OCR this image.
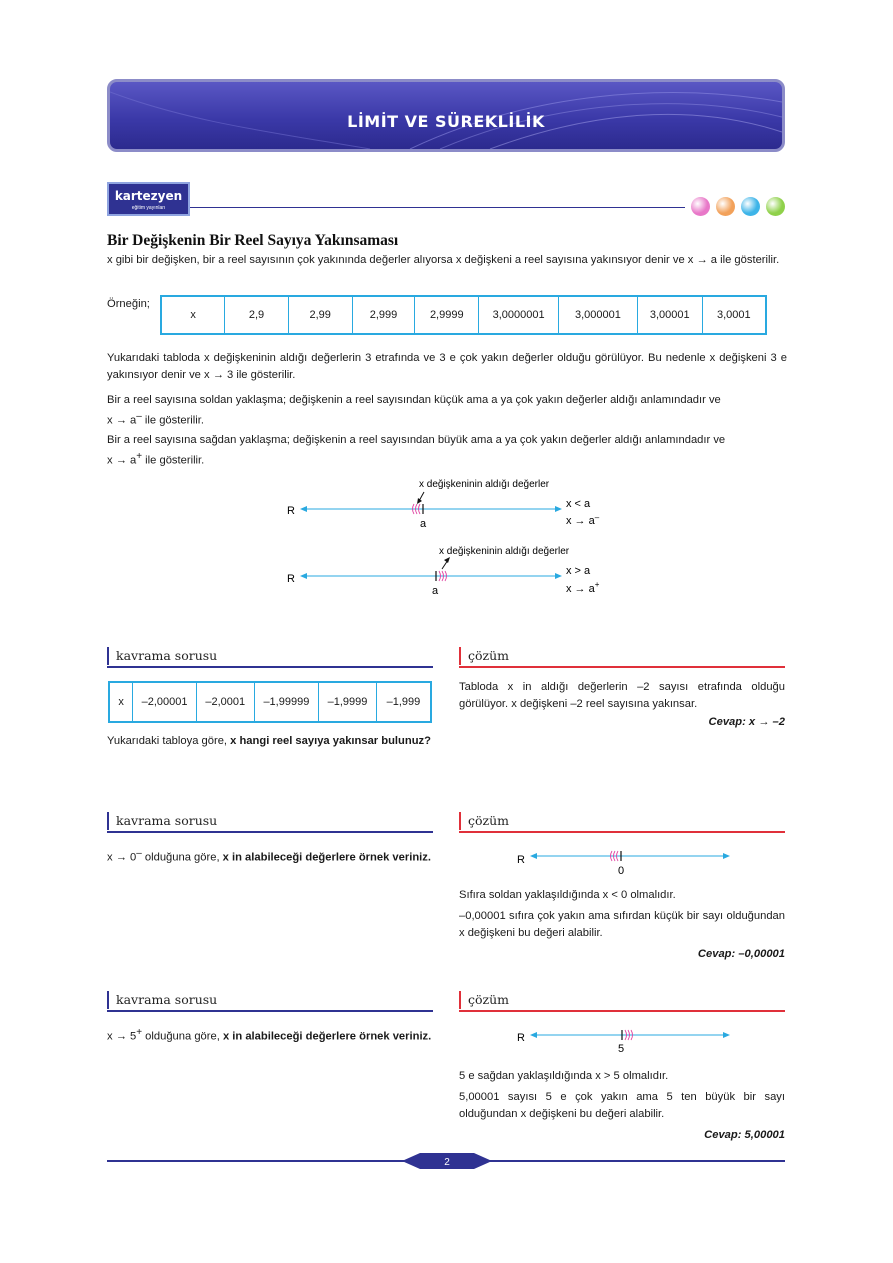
LİMİT VE SÜREKLİLİK
kartezyen
eğitim yayınları
Bir Değişkenin Bir Reel Sayıya Yakınsaması
x gibi bir değişken, bir a reel sayısının çok yakınında değerler alıyorsa x değişkeni a reel sayısına yakınsıyor denir ve x → a ile gösterilir.
Örneğin;
x	2,9	2,99	2,999	2,9999	3,0000001	3,000001	3,00001	3,0001
Yukarıdaki tabloda x değişkeninin aldığı değerlerin 3 etrafında ve 3 e çok yakın değerler olduğu görülüyor. Bu nedenle x değişkeni 3 e yakınsıyor denir ve x → 3 ile gösterilir.
Bir a reel sayısına soldan yaklaşma; değişkenin a reel sayısından küçük ama a ya çok yakın değerler aldığı anlamındadır ve
x → a– ile gösterilir.
Bir a reel sayısına sağdan yaklaşma; değişkenin a reel sayısından büyük ama a ya çok yakın değerler aldığı anlamındadır ve
x → a+ ile gösterilir.
x değişkeninin aldığı değerler
R
a
x < a
x → a–
x değişkeninin aldığı değerler
R
a
x > a
x → a+
kavrama sorusu	çözüm
x	–2,00001	–2,0001	–1,99999	–1,9999	–1,999
Yukarıdaki tabloya göre, x hangi reel sayıya yakınsar bulunuz?
Tabloda x in aldığı değerlerin –2 sayısı etrafında olduğu görülüyor. x değişkeni –2 reel sayısına yakınsar.
Cevap: x → –2
kavrama sorusu	çözüm
x → 0– olduğuna göre, x in alabileceği değerlere örnek veriniz.	R
0
Sıfıra soldan yaklaşıldığında x < 0 olmalıdır.
–0,00001 sıfıra çok yakın ama sıfırdan küçük bir sayı olduğundan x değişkeni bu değeri alabilir.
Cevap: –0,00001
kavrama sorusu	çözüm
x → 5+ olduğuna göre, x in alabileceği değerlere örnek veriniz.	R
5
5 e sağdan yaklaşıldığında x > 5 olmalıdır.
5,00001 sayısı 5 e çok yakın ama 5 ten büyük bir sayı olduğundan x değişkeni bu değeri alabilir.
Cevap: 5,00001
2
